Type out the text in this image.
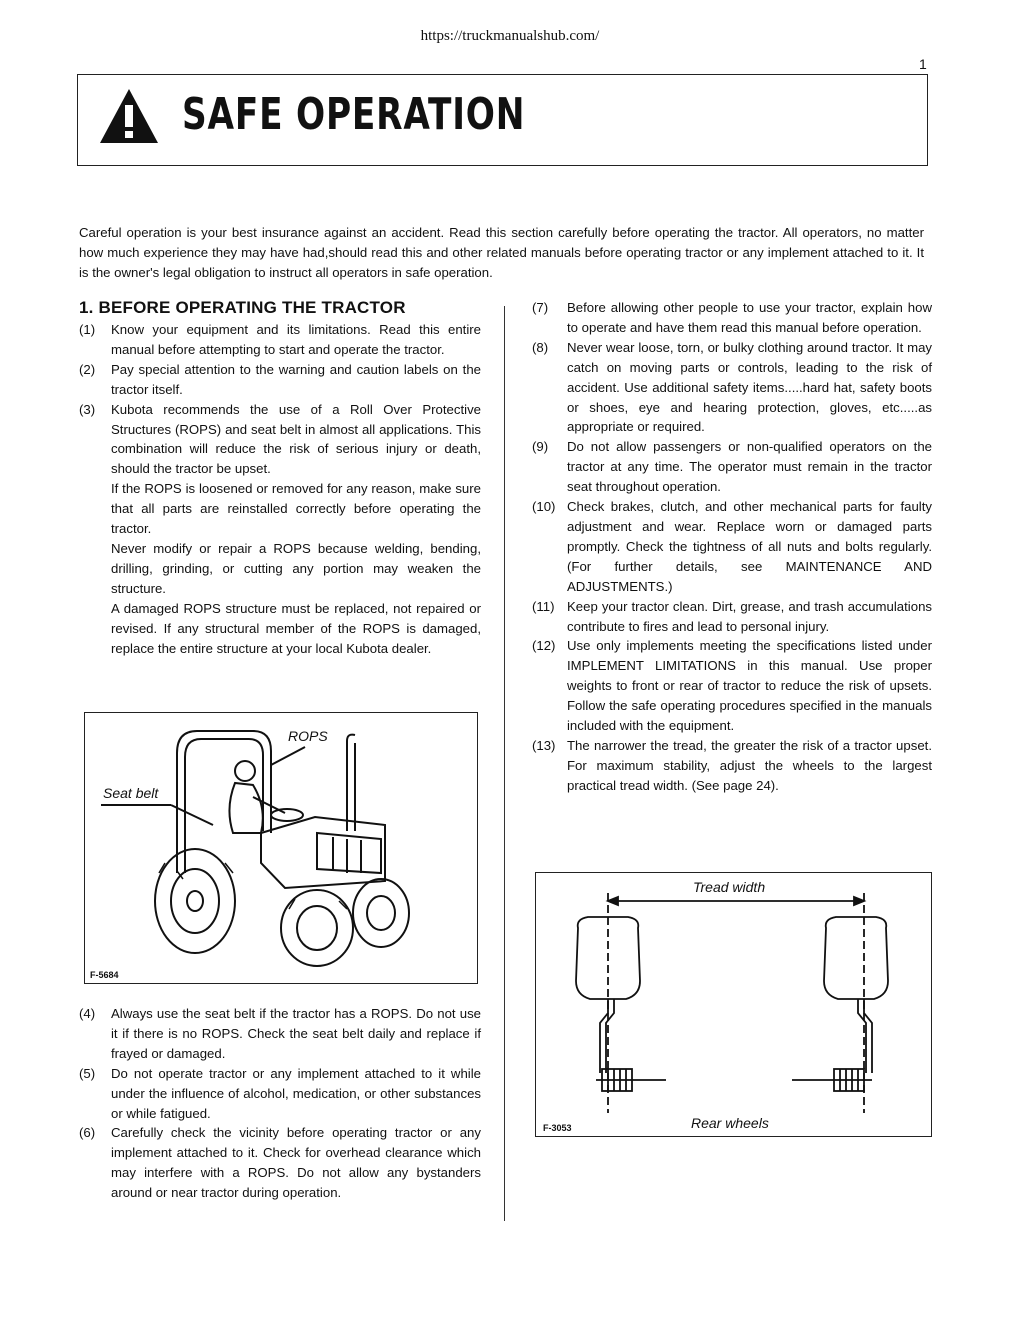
https://truckmanualshub.com/
1
SAFE OPERATION

Careful operation is your best insurance against an accident. Read this section carefully before operating the tractor. All operators, no matter how much experience they may have had,should read this and other related manuals before operating tractor or any implement attached to it. It is the owner's legal obligation to instruct all operators in safe operation.

1. BEFORE OPERATING THE TRACTOR

(1) Know your equipment and its limitations. Read this entire manual before attempting to start and operate the tractor.

(2) Pay special attention to the warning and caution labels on the tractor itself.

(3) Kubota recommends the use of a Roll Over Protective Structures (ROPS) and seat belt in almost all applications. This combination will reduce the risk of serious injury or death, should the tractor be upset.

If the ROPS is loosened or removed for any reason, make sure that all parts are reinstalled correctly before operating the tractor.

Never modify or repair a ROPS because welding, bending, drilling, grinding, or cutting any portion may weaken the structure.

A damaged ROPS structure must be replaced, not repaired or revised. If any structural member of the ROPS is damaged, replace the entire structure at your local Kubota dealer.

ROPS
Seat belt
F-5684

(4) Always use the seat belt if the tractor has a ROPS. Do not use it if there is no ROPS. Check the seat belt daily and replace if frayed or damaged.

(5) Do not operate tractor or any implement attached to it while under the influence of alcohol, medication, or other substances or while fatigued.

(6) Carefully check the vicinity before operating tractor or any implement attached to it. Check for overhead clearance which may interfere with a ROPS. Do not allow any bystanders around or near tractor during operation.

(7) Before allowing other people to use your tractor, explain how to operate and have them read this manual before operation.

(8) Never wear loose, torn, or bulky clothing around tractor. It may catch on moving parts or controls, leading to the risk of accident. Use additional safety items.....hard hat, safety boots or shoes, eye and hearing protection, gloves, etc.....as appropriate or required.

(9) Do not allow passengers or non-qualified operators on the tractor at any time. The operator must remain in the tractor seat throughout operation.

(10) Check brakes, clutch, and other mechanical parts for faulty adjustment and wear. Replace worn or damaged parts promptly. Check the tightness of all nuts and bolts regularly. (For further details, see MAINTENANCE AND ADJUSTMENTS.)

(11) Keep your tractor clean. Dirt, grease, and trash accumulations contribute to fires and lead to personal injury.

(12) Use only implements meeting the specifications listed under IMPLEMENT LIMITATIONS in this manual. Use proper weights to front or rear of tractor to reduce the risk of upsets. Follow the safe operating procedures specified in the manuals included with the equipment.

(13) The narrower the tread, the greater the risk of a tractor upset. For maximum stability, adjust the wheels to the largest practical tread width. (See page 24).

Tread width
Rear wheels
F-3053
